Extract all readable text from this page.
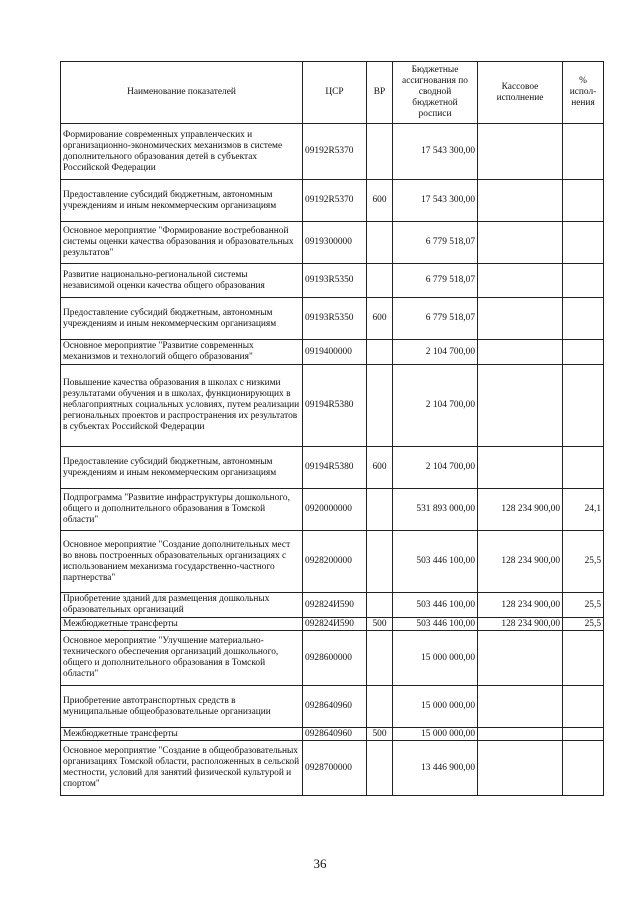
Наименование показателей	ЦСР	ВР	Бюджетные ассигнования по сводной бюджетной росписи	Кассовое исполнение	% испол-нения
Формирование современных управленческих и организационно-экономических механизмов в системе дополнительного образования детей в субъектах Российской Федерации	09192R5370		17 543 300,00		
Предоставление субсидий бюджетным, автономным учреждениям и иным некоммерческим организациям	09192R5370	600	17 543 300,00		
Основное мероприятие "Формирование востребованной системы оценки качества образования и образовательных результатов"	0919300000		6 779 518,07		
Развитие национально-региональной системы независимой оценки качества общего образования	09193R5350		6 779 518,07		
Предоставление субсидий бюджетным, автономным учреждениям и иным некоммерческим организациям	09193R5350	600	6 779 518,07		
Основное мероприятие "Развитие современных механизмов и технологий общего образования"	0919400000		2 104 700,00		
Повышение качества образования в школах с низкими результатами обучения и в школах, функционирующих в неблагоприятных социальных условиях, путем реализации региональных проектов и распространения их результатов в субъектах Российской Федерации	09194R5380		2 104 700,00		
Предоставление субсидий бюджетным, автономным учреждениям и иным некоммерческим организациям	09194R5380	600	2 104 700,00		
Подпрограмма "Развитие инфраструктуры дошкольного, общего и дополнительного образования в Томской области"	0920000000		531 893 000,00	128 234 900,00	24,1
Основное мероприятие "Создание дополнительных мест во вновь построенных образовательных организациях с использованием механизма государственно-частного партнерства"	0928200000		503 446 100,00	128 234 900,00	25,5
Приобретение зданий для размещения дошкольных образовательных организаций	092824И590		503 446 100,00	128 234 900,00	25,5
Межбюджетные трансферты	092824И590	500	503 446 100,00	128 234 900,00	25,5
Основное мероприятие "Улучшение материально-технического обеспечения организаций дошкольного, общего и дополнительного образования в Томской области"	0928600000		15 000 000,00		
Приобретение автотранспортных средств в муниципальные общеобразовательные организации	0928640960		15 000 000,00		
Межбюджетные трансферты	0928640960	500	15 000 000,00		
Основное мероприятие "Создание в общеобразовательных организациях Томской области, расположенных в сельской местности, условий для занятий физической культурой и спортом"	0928700000		13 446 900,00		
36
